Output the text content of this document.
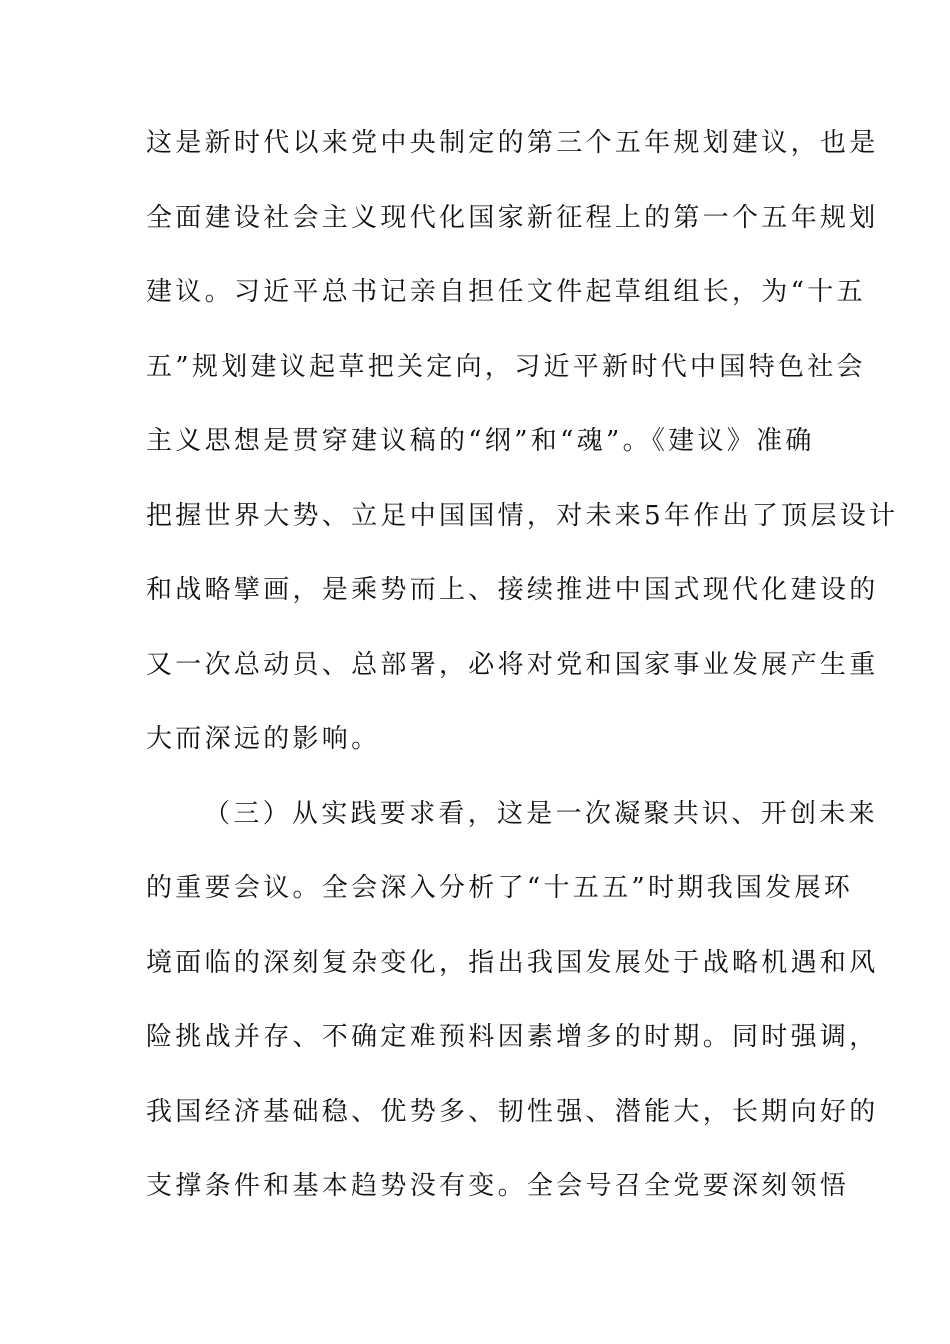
这是新时代以来党中央制定的第三个五年规划建议，也是
全面建设社会主义现代化国家新征程上的第一个五年规划
建议。习近平总书记亲自担任文件起草组组长，为“十五
五”规划建议起草把关定向，习近平新时代中国特色社会
主义思想是贯穿建议稿的“纲”和“魂”。《建议》准确
把握世界大势、立足中国国情，对未来5年作出了顶层设计
和战略擘画，是乘势而上、接续推进中国式现代化建设的
又一次总动员、总部署，必将对党和国家事业发展产生重
大而深远的影响。
（三）从实践要求看，这是一次凝聚共识、开创未来
的重要会议。全会深入分析了“十五五”时期我国发展环
境面临的深刻复杂变化，指出我国发展处于战略机遇和风
险挑战并存、不确定难预料因素增多的时期。同时强调，
我国经济基础稳、优势多、韧性强、潜能大，长期向好的
支撑条件和基本趋势没有变。全会号召全党要深刻领悟
